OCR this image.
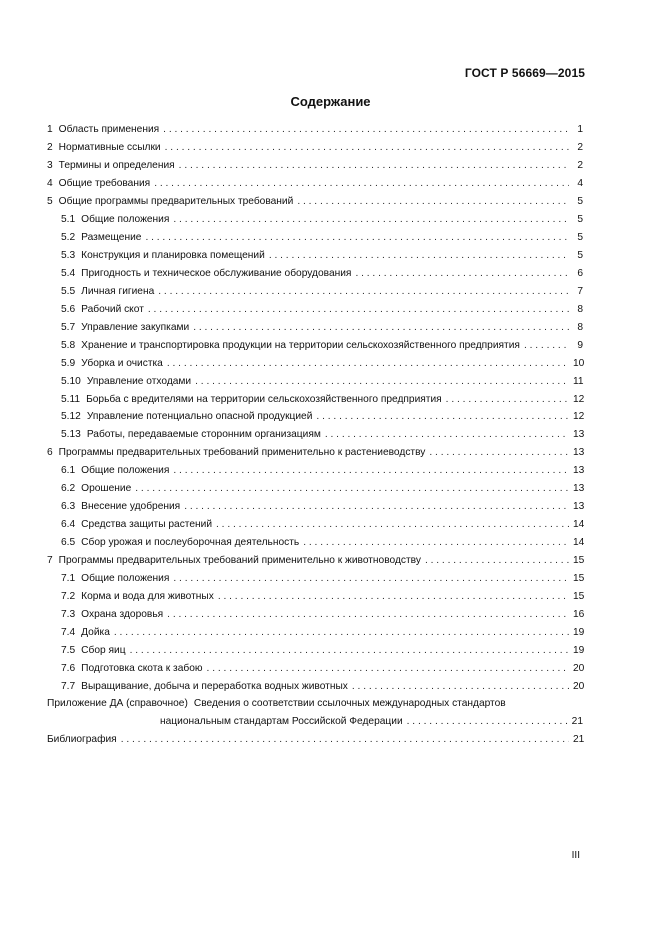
ГОСТ Р 56669—2015
Содержание
1 Область применения . . .	1
2 Нормативные ссылки . . .	2
3 Термины и определения . . .	2
4 Общие требования . . .	4
5 Общие программы предварительных требований . . .	5
5.1 Общие положения . . .	5
5.2 Размещение . . .	5
5.3 Конструкция и планировка помещений . . .	5
5.4 Пригодность и техническое обслуживание оборудования . . .	6
5.5 Личная гигиена . . .	7
5.6 Рабочий скот . . .	8
5.7 Управление закупками . . .	8
5.8 Хранение и транспортировка продукции на территории сельскохозяйственного предприятия . . .	9
5.9 Уборка и очистка . . .	10
5.10 Управление отходами . . .	11
5.11 Борьба с вредителями на территории сельскохозяйственного предприятия . . .	12
5.12 Управление потенциально опасной продукцией . . .	12
5.13 Работы, передаваемые сторонним организациям . . .	13
6 Программы предварительных требований применительно к растениеводству . . .	13
6.1 Общие положения . . .	13
6.2 Орошение . . .	13
6.3 Внесение удобрения . . .	13
6.4 Средства защиты растений . . .	14
6.5 Сбор урожая и послеуборочная деятельность . . .	14
7 Программы предварительных требований применительно к животноводству . . .	15
7.1 Общие положения . . .	15
7.2 Корма и вода для животных . . .	15
7.3 Охрана здоровья . . .	16
7.4 Дойка . . .	19
7.5 Сбор яиц . . .	19
7.6 Подготовка скота к забою . . .	20
7.7 Выращивание, добыча и переработка водных животных . . .	20
Приложение ДА (справочное) Сведения о соответствии ссылочных международных стандартов
национальным стандартам Российской Федерации . . .	21
Библиография . . .	21
III
